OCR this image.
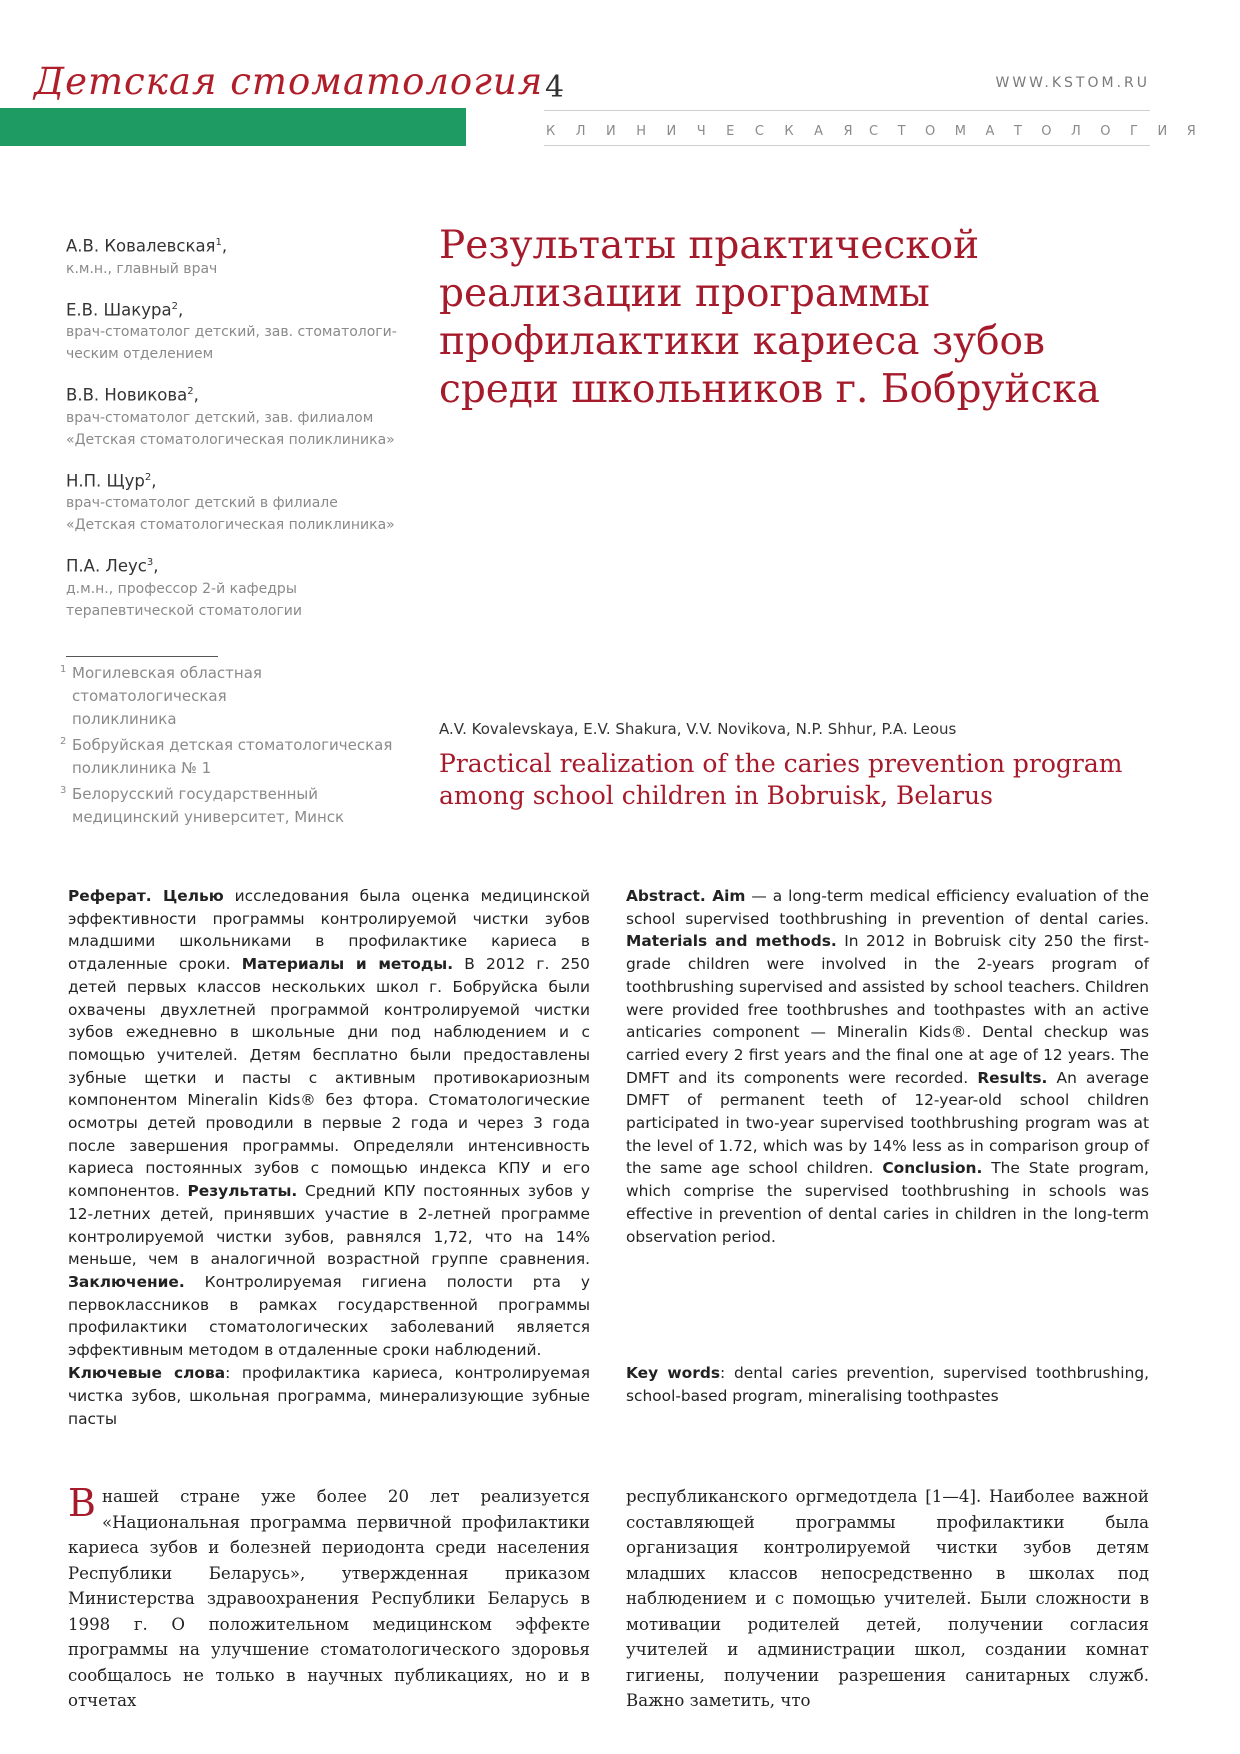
Детская стоматология 4	WWW.KSTOM.RU
КЛИНИЧЕСКАЯ
СТОМАТОЛОГИЯ
А.В. Ковалевская$^1$,
к.м.н., главный врач
Е.В. Шакура$^2$,
врач-стоматолог детский, зав. стоматологи-
ческим отделением
В.В. Новикова$^2$,
врач-стоматолог детский, зав. филиалом
«Детская стоматологическая поликлиника»
Н.П. Щур$^2$,
врач-стоматолог детский в филиале
«Детская стоматологическая поликлиника»
П.А. Леус$^3$,
д.м.н., профессор 2-й кафедры
терапевтической стоматологии
1 Могилевская областная стоматологическая
поликлиника
2 Бобруйская детская стоматологическая
поликлиника № 1
3 Белорусский государственный
медицинский университет, Минск
Результаты практической
реализации программы
профилактики кариеса зубов
среди школьников г. Бобруйска
A.V. Kovalevskaya, E.V. Shakura, V.V. Novikova, N.P. Shhur, P.A. Leous
Practical realization of the caries prevention program
among school children in Bobruisk, Belarus

Реферат. Целью исследования была оценка медицинской эффективности программы контролируемой чистки зубов младшими школьниками в профилактике кариеса в отдаленные сроки. Материалы и методы. В 2012 г. 250 детей первых классов нескольких школ г. Бобруйска были охвачены двухлетней программой контролируемой чистки зубов ежедневно в школьные дни под наблюдением и с помощью учителей. Детям бесплатно были предоставлены зубные щетки и пасты с активным противокариозным компонентом Mineralin Kids® без фтора. Стоматологические осмотры детей проводили в первые 2 года и через 3 года после завершения программы. Определяли интенсивность кариеса постоянных зубов с помощью индекса КПУ и его компонентов. Результаты. Средний КПУ постоянных зубов у 12-летних детей, принявших участие в 2-летней программе контролируемой чистки зубов, равнялся 1,72, что на 14% меньше, чем в аналогичной возрастной группе сравнения. Заключение. Контролируемая гигиена полости рта у первоклассников в рамках государственной программы профилактики стоматологических заболеваний является эффективным методом в отдаленные сроки наблюдений.

Abstract. Aim — a long-term medical efficiency evaluation of the school supervised toothbrushing in prevention of dental caries. Materials and methods. In 2012 in Bobruisk city 250 the first-grade children were involved in the 2-years program of toothbrushing supervised and assisted by school teachers. Children were provided free toothbrushes and toothpastes with an active anticaries component — Mineralin Kids®. Dental checkup was carried every 2 first years and the final one at age of 12 years. The DMFT and its components were recorded. Results. An average DMFT of permanent teeth of 12-year-old school children participated in two-year supervised toothbrushing program was at the level of 1.72, which was by 14% less as in comparison group of the same age school children. Conclusion. The State program, which comprise the supervised toothbrushing in schools was effective in prevention of dental caries in children in the long-term observation period.

Ключевые слова: профилактика кариеса, контролируемая чистка зубов, школьная программа, минерализующие зубные пасты

Key words: dental caries prevention, supervised toothbrushing, school-based program, mineralising toothpastes

В нашей стране уже более 20 лет реализуется «Национальная программа первичной профилактики кариеса зубов и болезней периодонта среди населения Республики Беларусь», утвержденная приказом Министерства здравоохранения Республики Беларусь в 1998 г. О положительном медицинском эффекте программы на улучшение стоматологического здоровья сообщалось не только в научных публикациях, но и в отчетах

республиканского оргмедотдела [1—4]. Наиболее важной составляющей программы профилактики была организация контролируемой чистки зубов детям младших классов непосредственно в школах под наблюдением и с помощью учителей. Были сложности в мотивации родителей детей, получении согласия учителей и администрации школ, создании комнат гигиены, получении разрешения санитарных служб. Важно заметить, что
